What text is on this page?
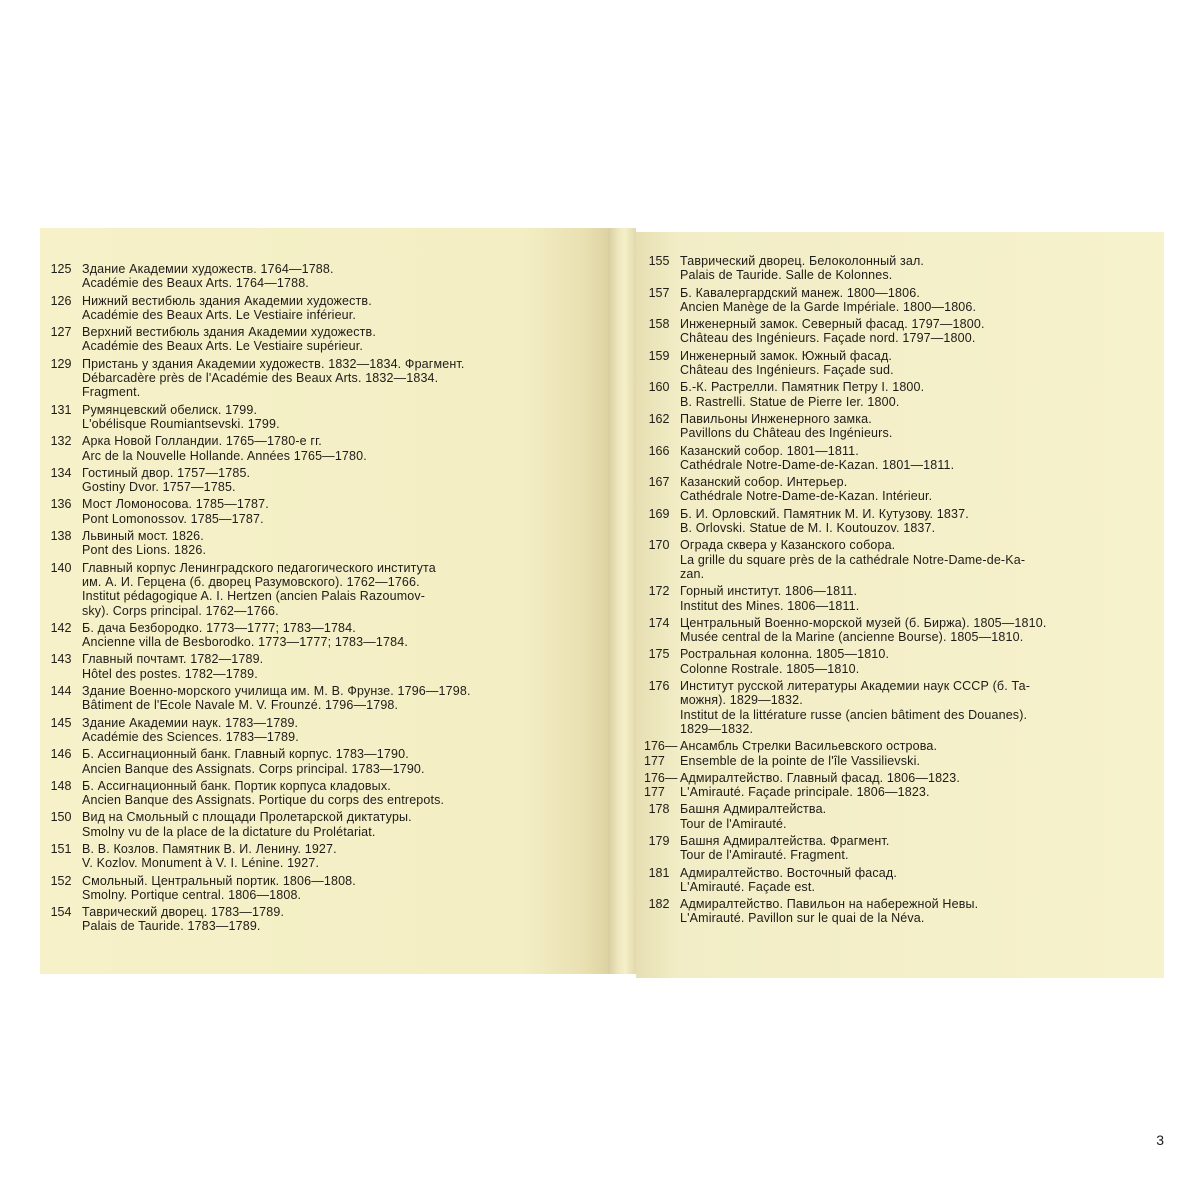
125 Здание Академии художеств. 1764—1788.
Académie des Beaux Arts. 1764—1788.
126 Нижний вестибюль здания Академии художеств.
Académie des Beaux Arts. Le Vestiaire inférieur.
127 Верхний вестибюль здания Академии художеств.
Académie des Beaux Arts. Le Vestiaire supérieur.
129 Пристань у здания Академии художеств. 1832—1834. Фрагмент.
Débarcadère près de l'Académie des Beaux Arts. 1832—1834.
Fragment.
131 Румянцевский обелиск. 1799.
L'obélisque Roumiantsevski. 1799.
132 Арка Новой Голландии. 1765—1780-е гг.
Arc de la Nouvelle Hollande. Années 1765—1780.
134 Гостиный двор. 1757—1785.
Gostiny Dvor. 1757—1785.
136 Мост Ломоносова. 1785—1787.
Pont Lomonossov. 1785—1787.
138 Львиный мост. 1826.
Pont des Lions. 1826.
140 Главный корпус Ленинградского педагогического института
им. А. И. Герцена (б. дворец Разумовского). 1762—1766.
Institut pédagogique A. I. Hertzen (ancien Palais Razoumov-
sky). Corps principal. 1762—1766.
142 Б. дача Безбородко. 1773—1777; 1783—1784.
Ancienne villa de Besborodko. 1773—1777; 1783—1784.
143 Главный почтамт. 1782—1789.
Hôtel des postes. 1782—1789.
144 Здание Военно-морского училища им. М. В. Фрунзе. 1796—1798.
Bâtiment de l'Ecole Navale M. V. Frounzé. 1796—1798.
145 Здание Академии наук. 1783—1789.
Académie des Sciences. 1783—1789.
146 Б. Ассигнационный банк. Главный корпус. 1783—1790.
Ancien Banque des Assignats. Corps principal. 1783—1790.
148 Б. Ассигнационный банк. Портик корпуса кладовых.
Ancien Banque des Assignats. Portique du corps des entrepots.
150 Вид на Смольный с площади Пролетарской диктатуры.
Smolny vu de la place de la dictature du Prolétariat.
151 В. В. Козлов. Памятник В. И. Ленину. 1927.
V. Kozlov. Monument à V. I. Lénine. 1927.
152 Смольный. Центральный портик. 1806—1808.
Smolny. Portique central. 1806—1808.
154 Таврический дворец. 1783—1789.
Palais de Tauride. 1783—1789.
155 Таврический дворец. Белоколонный зал.
Palais de Tauride. Salle de Kolonnes.
157 Б. Кавалергардский манеж. 1800—1806.
Ancien Manège de la Garde Impériale. 1800—1806.
158 Инженерный замок. Северный фасад. 1797—1800.
Château des Ingénieurs. Façade nord. 1797—1800.
159 Инженерный замок. Южный фасад.
Château des Ingénieurs. Façade sud.
160 Б.-К. Растрелли. Памятник Петру I. 1800.
B. Rastrelli. Statue de Pierre Ier. 1800.
162 Павильоны Инженерного замка.
Pavillons du Château des Ingénieurs.
166 Казанский собор. 1801—1811.
Cathédrale Notre-Dame-de-Kazan. 1801—1811.
167 Казанский собор. Интерьер.
Cathédrale Notre-Dame-de-Kazan. Intérieur.
169 Б. И. Орловский. Памятник М. И. Кутузову. 1837.
B. Orlovski. Statue de M. I. Koutouzov. 1837.
170 Ограда сквера у Казанского собора.
La grille du square près de la cathédrale Notre-Dame-de-Ka-
zan.
172 Горный институт. 1806—1811.
Institut des Mines. 1806—1811.
174 Центральный Военно-морской музей (б. Биржа). 1805—1810.
Musée central de la Marine (ancienne Bourse). 1805—1810.
175 Ростральная колонна. 1805—1810.
Colonne Rostrale. 1805—1810.
176 Институт русской литературы Академии наук СССР (б. Та-
можня). 1829—1832.
Institut de la littérature russe (ancien bâtiment des Douanes).
1829—1832.
176—177
Ансамбль Стрелки Васильевского острова.
Ensemble de la pointe de l'île Vassilievski.
176—177
Адмиралтейство. Главный фасад. 1806—1823.
L'Amirauté. Façade principale. 1806—1823.
178 Башня Адмиралтейства.
Tour de l'Amirauté.
179 Башня Адмиралтейства. Фрагмент.
Tour de l'Amirauté. Fragment.
181 Адмиралтейство. Восточный фасад.
L'Amirauté. Façade est.
182 Адмиралтейство. Павильон на набережной Невы.
L'Amirauté. Pavillon sur le quai de la Néva.
3
